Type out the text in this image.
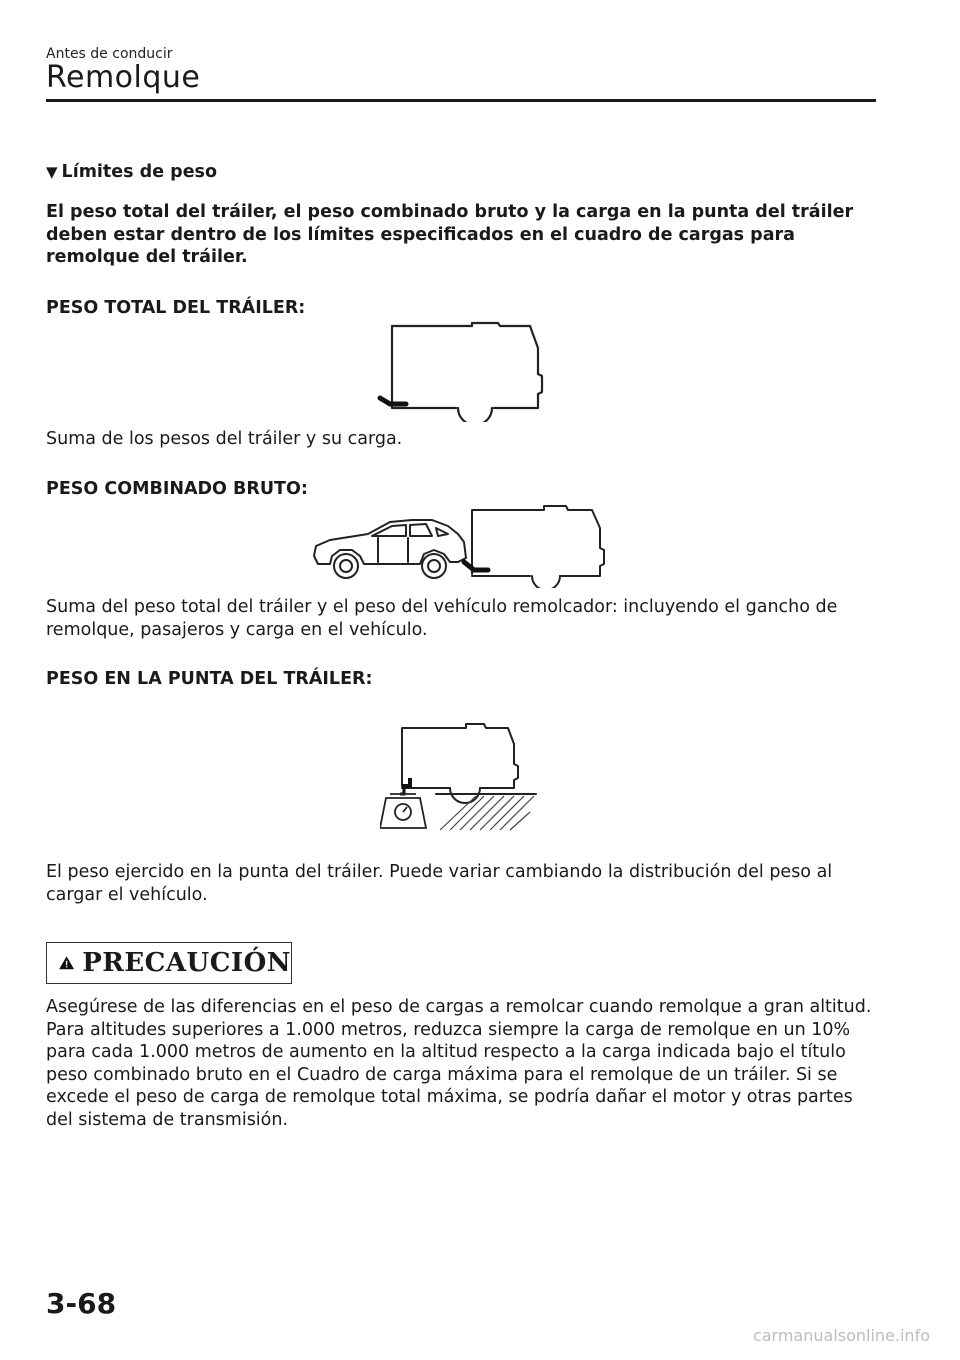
Antes de conducir
Remolque
▼ Límites de peso
El peso total del tráiler, el peso combinado bruto y la carga en la punta del tráiler deben estar dentro de los límites especificados en el cuadro de cargas para remolque del tráiler.
PESO TOTAL DEL TRÁILER:
Suma de los pesos del tráiler y su carga.
PESO COMBINADO BRUTO:
Suma del peso total del tráiler y el peso del vehículo remolcador: incluyendo el gancho de remolque, pasajeros y carga en el vehículo.
PESO EN LA PUNTA DEL TRÁILER:
El peso ejercido en la punta del tráiler. Puede variar cambiando la distribución del peso al cargar el vehículo.
PRECAUCIÓN
Asegúrese de las diferencias en el peso de cargas a remolcar cuando remolque a gran altitud. Para altitudes superiores a 1.000 metros, reduzca siempre la carga de remolque en un 10% para cada 1.000 metros de aumento en la altitud respecto a la carga indicada bajo el título peso combinado bruto en el Cuadro de carga máxima para el remolque de un tráiler. Si se excede el peso de carga de remolque total máxima, se podría dañar el motor y otras partes del sistema de transmisión.
3-68
carmanualsonline.info
